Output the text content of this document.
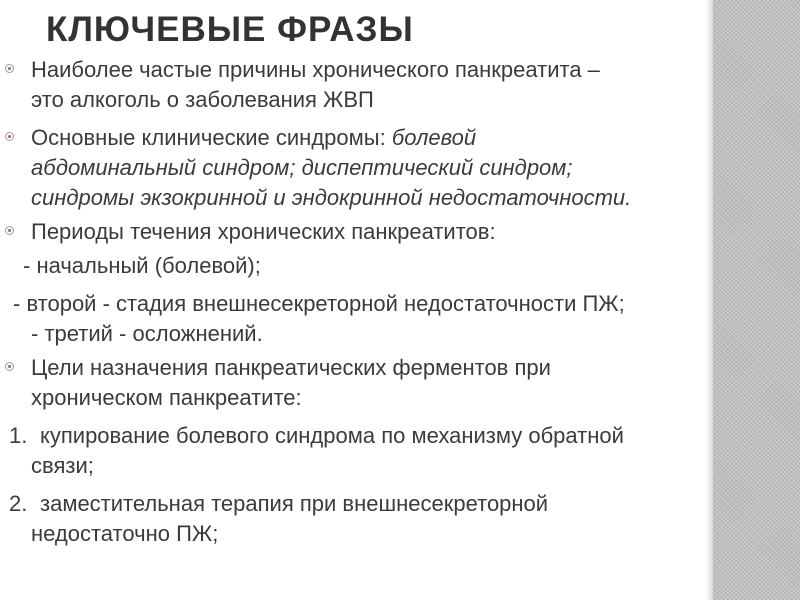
КЛЮЧЕВЫЕ ФРАЗЫ
Наиболее частые причины хронического панкреатита –
это алкоголь о заболевания ЖВП
Основные клинические синдромы: болевой
абдоминальный синдром; диспептический синдром;
синдромы экзокринной и эндокринной недостаточности.
Периоды течения хронических панкреатитов:
- начальный (болевой);
- второй - стадия внешнесекреторной недостаточности ПЖ;
- третий - осложнений.
Цели назначения панкреатических ферментов при
хроническом панкреатите:
1. купирование болевого синдрома по механизму обратной
связи;
2. заместительная терапия при внешнесекреторной
недостаточно ПЖ;
